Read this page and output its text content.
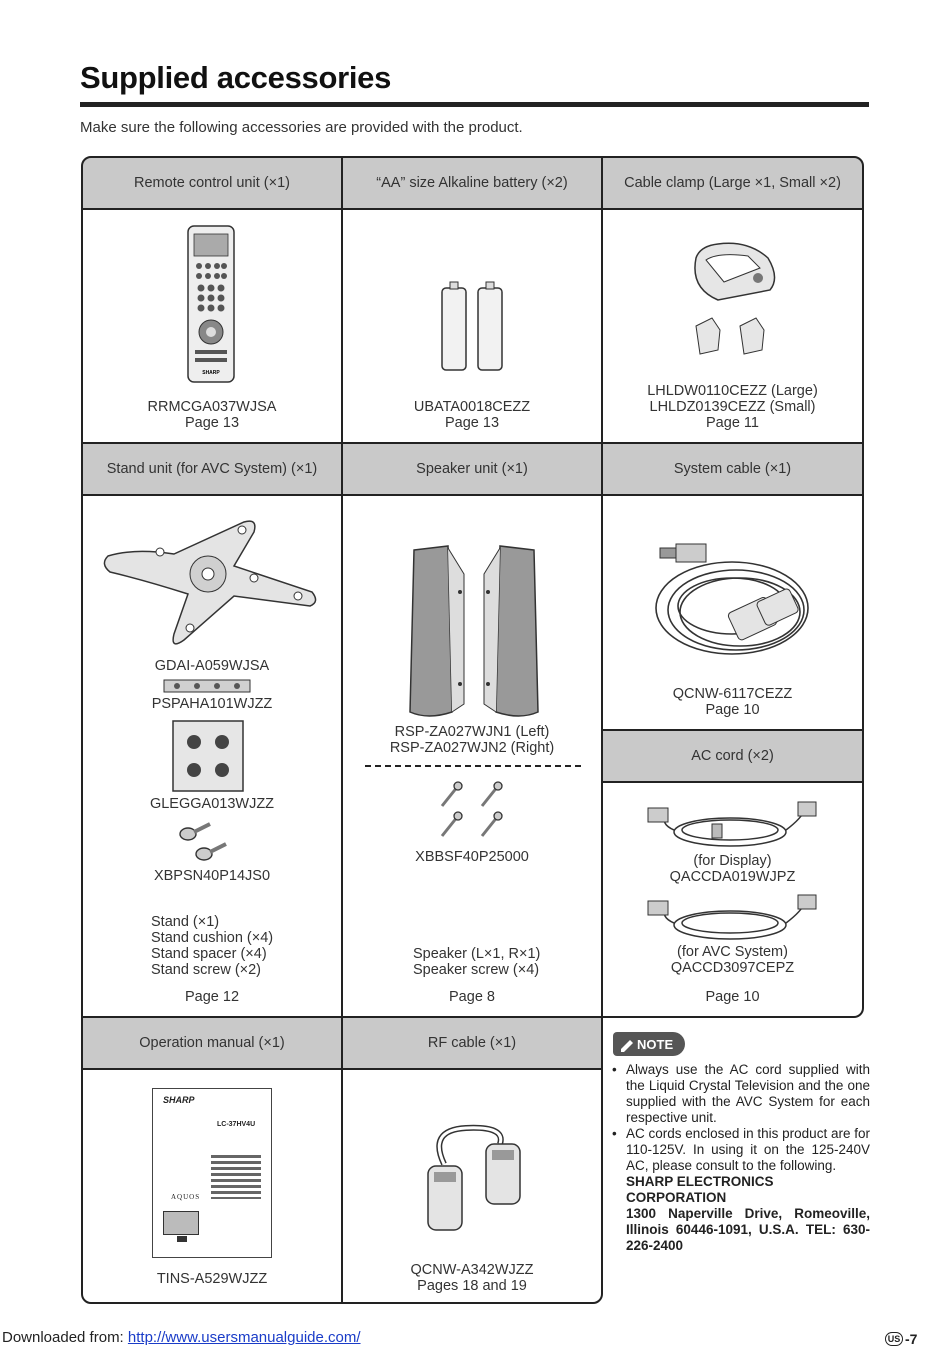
Supplied accessories
Make sure the following accessories are provided with the product.
Remote control unit (×1)	“AA” size Alkaline battery (×2)	Cable clamp (Large ×1, Small ×2)
SHARP
RRMCGA037WJSA
Page 13
UBATA0018CEZZ
Page 13
LHLDW0110CEZZ (Large)
LHLDZ0139CEZZ (Small)
Page 11
Stand unit (for AVC System) (×1)	Speaker unit (×1)	System cable (×1)
AC cord (×2)
GDAI-A059WJSA
PSPAHA101WJZZ
GLEGGA013WJZZ
XBPSN40P14JS0
Stand (×1)
Stand cushion (×4)
Stand spacer (×4)
Stand screw (×2)
Page 12
RSP-ZA027WJN1 (Left)
RSP-ZA027WJN2 (Right)
XBBSF40P25000
Speaker (L×1, R×1)
Speaker screw (×4)
Page 8
QCNW-6117CEZZ
Page 10
(for Display)
QACCDA019WJPZ
(for AVC System)
QACCD3097CEPZ
Page 10
Operation manual (×1)	RF cable (×1)
SHARP
LC-37HV4U
AQUOS
TINS-A529WJZZ
QCNW-A342WJZZ
Pages 18 and 19
NOTE
• Always use the AC cord supplied with the Liquid Crystal Television and the one supplied with the AVC System for each respective unit.
• AC cords enclosed in this product are for 110-125V. In using it on the 125-240V AC, please consult to the following.
SHARP ELECTRONICS CORPORATION
1300 Naperville Drive, Romeoville, Illinois 60446-1091, U.S.A. TEL: 630-226-2400
US -7
Downloaded from: http://www.usersmanualguide.com/
